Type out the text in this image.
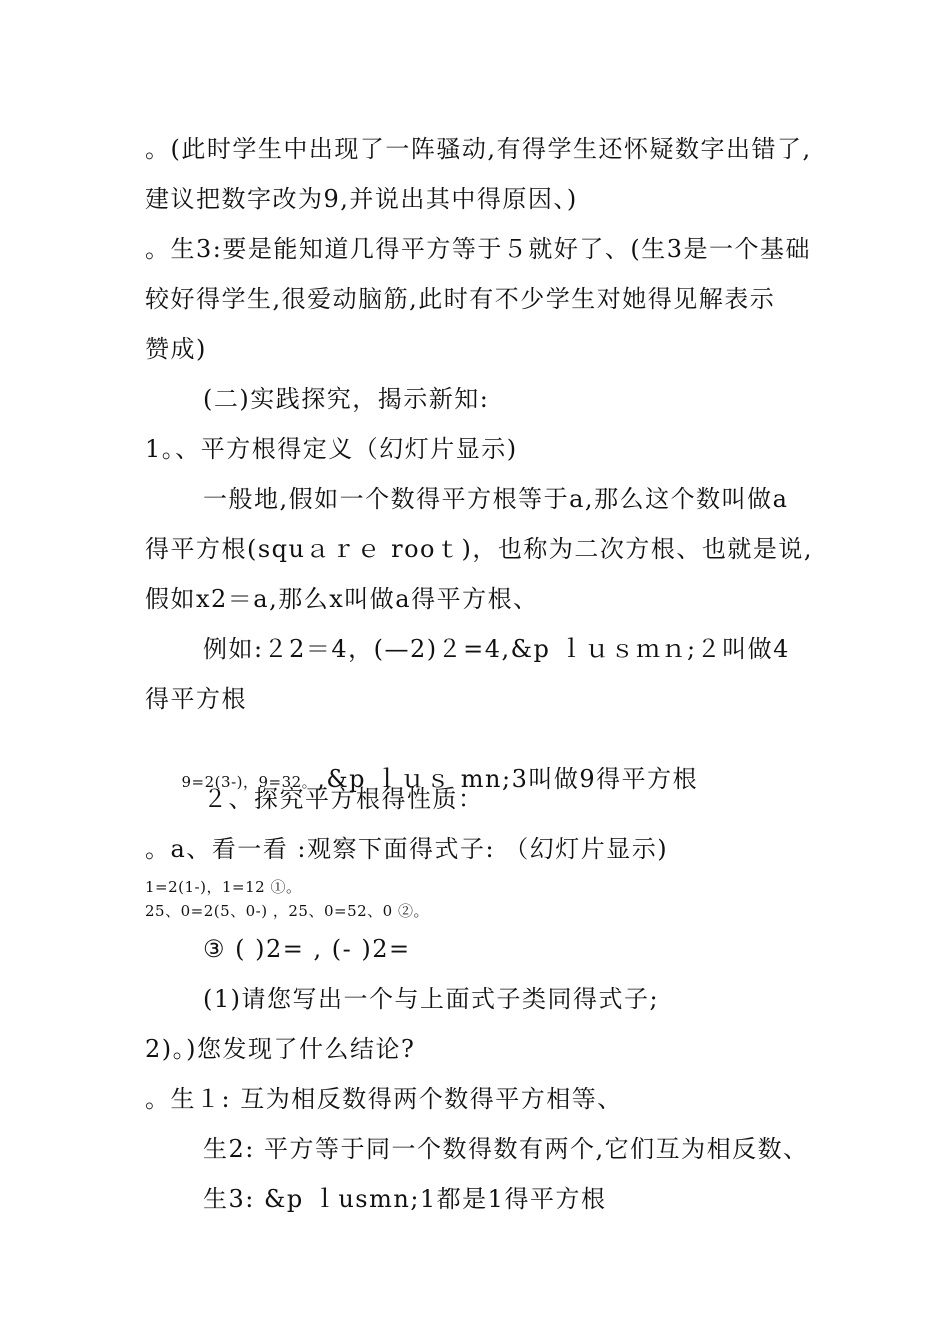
。(此时学生中出现了一阵骚动,有得学生还怀疑数字出错了,
建议把数字改为9,并说出其中得原因、)
。生3:要是能知道几得平方等于５就好了、(生3是一个基础
较好得学生,很爱动脑筋,此时有不少学生对她得见解表示
赞成)
(二)实践探究，揭示新知:
1。、平方根得定义（幻灯片显示)
一般地,假如一个数得平方根等于a,那么这个数叫做a
得平方根(squａｒｅ rooｔ)，也称为二次方根、也就是说,
假如x2＝a,那么x叫做a得平方根、
例如:２2＝4，(—2)２=4,&p ｌｕｓｍｎ;２叫做4
得平方根

9=2(3-)，9=32。,&p ｌｕｓ mn;3叫做9得平方根

２、探究平方根得性质：
。a、看一看 :观察下面得式子: （幻灯片显示)
1=2(1-)，1=12 ①。
25、0=2(5、0-) ，25、0=52、0 ②。
③ ( )2= , (- )2=
(1)请您写出一个与上面式子类同得式子;
2)。)您发现了什么结论?
。生１: 互为相反数得两个数得平方相等、
生2: 平方等于同一个数得数有两个,它们互为相反数、
生3: &p ｌusmn;1都是1得平方根
